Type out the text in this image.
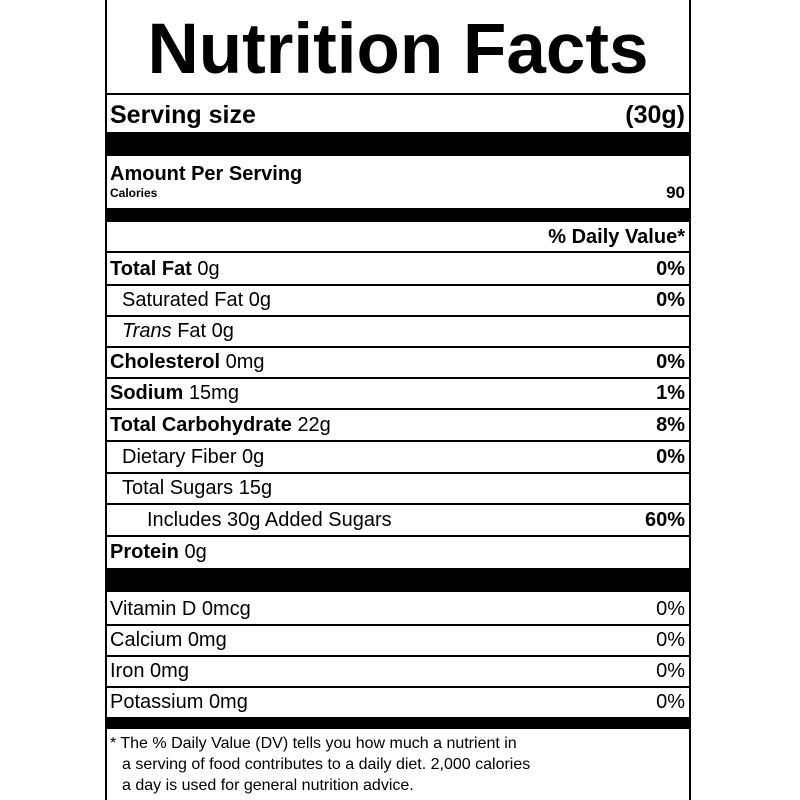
Nutrition Facts
Serving size	(30g)
Amount Per Serving
Calories	90
% Daily Value*
Total Fat 0g	0%
Saturated Fat 0g	0%
Trans Fat 0g
Cholesterol 0mg	0%
Sodium 15mg	1%
Total Carbohydrate 22g	8%
Dietary Fiber 0g	0%
Total Sugars 15g
Includes 30g Added Sugars	60%
Protein 0g
Vitamin D 0mcg	0%
Calcium 0mg	0%
Iron 0mg	0%
Potassium 0mg	0%
* The % Daily Value (DV) tells you how much a nutrient in
a serving of food contributes to a daily diet. 2,000 calories
a day is used for general nutrition advice.
